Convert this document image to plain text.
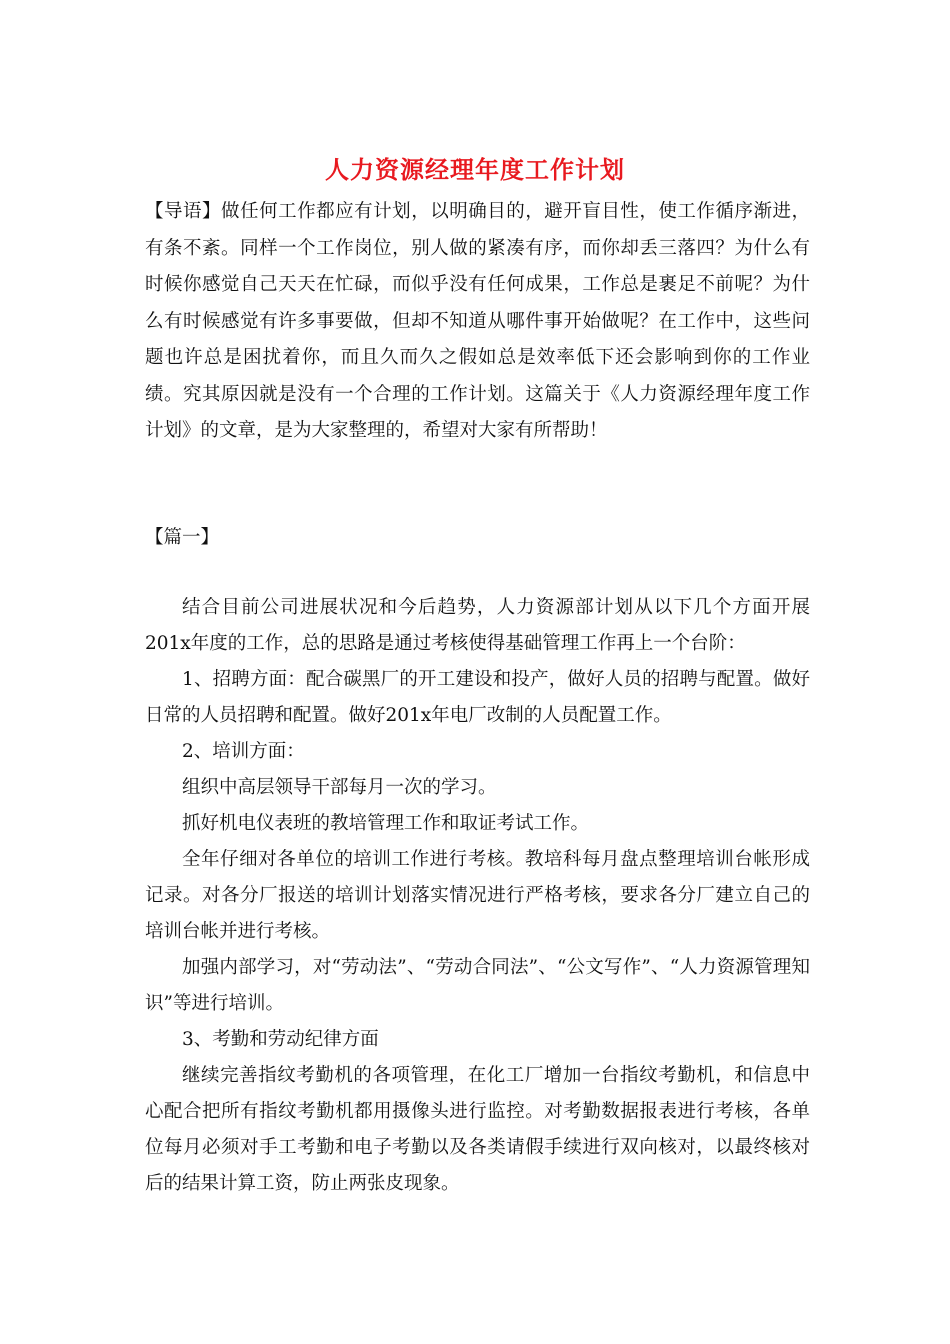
人力资源经理年度工作计划

【导语】做任何工作都应有计划，以明确目的，避开盲目性，使工作循序渐进，有条不紊。同样一个工作岗位，别人做的紧凑有序，而你却丢三落四？为什么有时候你感觉自己天天在忙碌，而似乎没有任何成果，工作总是裹足不前呢？为什么有时候感觉有许多事要做，但却不知道从哪件事开始做呢？在工作中，这些问题也许总是困扰着你，而且久而久之假如总是效率低下还会影响到你的工作业绩。究其原因就是没有一个合理的工作计划。这篇关于《人力资源经理年度工作计划》的文章，是为大家整理的，希望对大家有所帮助！

【篇一】

结合目前公司进展状况和今后趋势，人力资源部计划从以下几个方面开展201x年度的工作，总的思路是通过考核使得基础管理工作再上一个台阶：

1、招聘方面：配合碳黑厂的开工建设和投产，做好人员的招聘与配置。做好日常的人员招聘和配置。做好201x年电厂改制的人员配置工作。

2、培训方面：

组织中高层领导干部每月一次的学习。

抓好机电仪表班的教培管理工作和取证考试工作。

全年仔细对各单位的培训工作进行考核。教培科每月盘点整理培训台帐形成记录。对各分厂报送的培训计划落实情况进行严格考核，要求各分厂建立自己的培训台帐并进行考核。

加强内部学习，对“劳动法”、“劳动合同法”、“公文写作”、“人力资源管理知识”等进行培训。

3、考勤和劳动纪律方面

继续完善指纹考勤机的各项管理，在化工厂增加一台指纹考勤机，和信息中心配合把所有指纹考勤机都用摄像头进行监控。对考勤数据报表进行考核，各单位每月必须对手工考勤和电子考勤以及各类请假手续进行双向核对，以最终核对后的结果计算工资，防止两张皮现象。
